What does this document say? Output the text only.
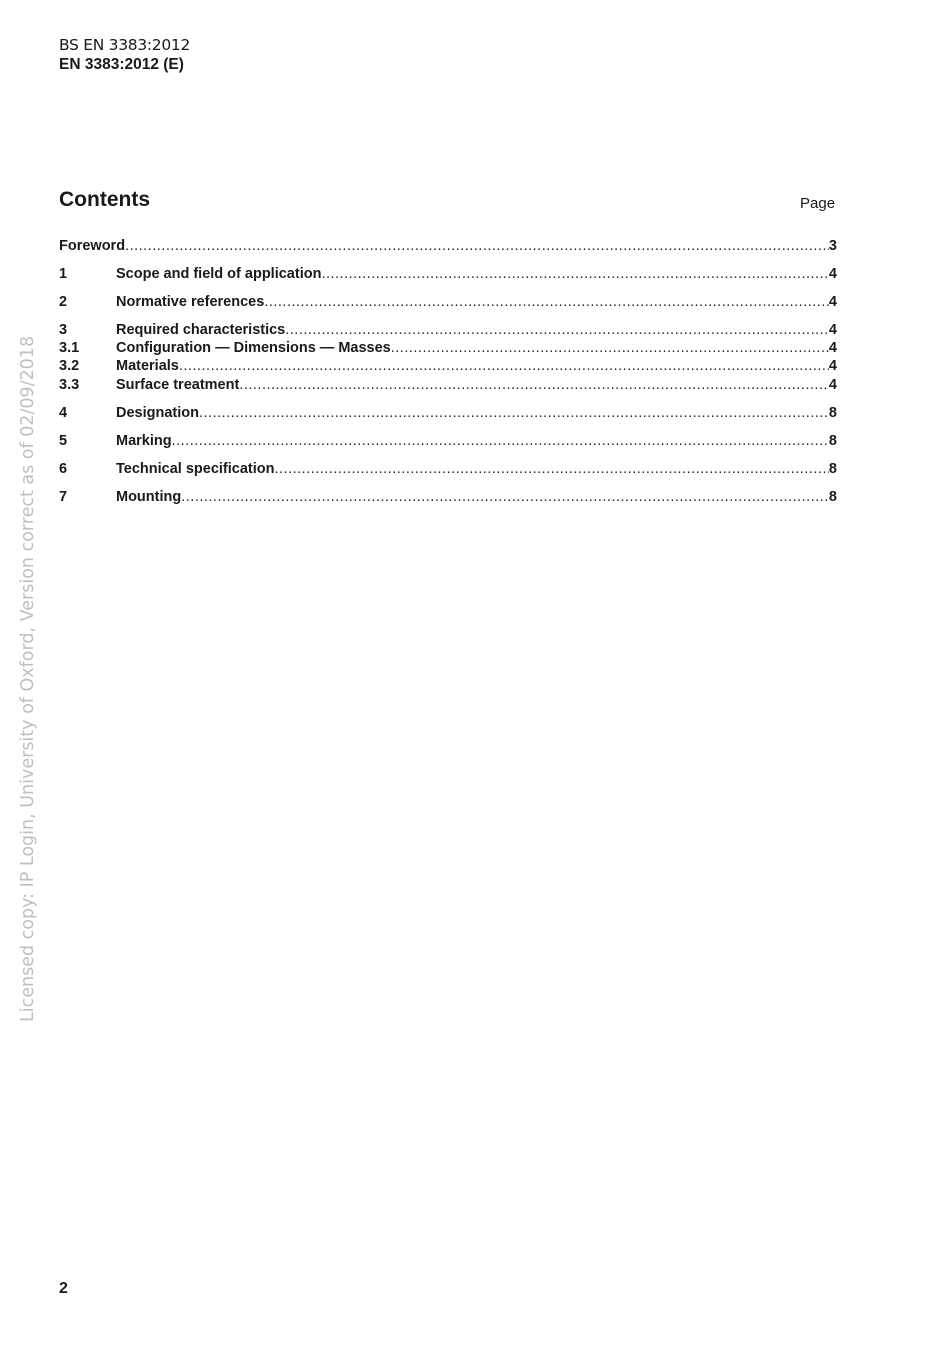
BS EN 3383:2012
EN 3383:2012 (E)
Contents	Page
Foreword .....	3
1	Scope and field of application .....	4
2	Normative references .....	4
3	Required characteristics .....	4
3.1	Configuration — Dimensions — Masses .....	4
3.2	Materials .....	4
3.3	Surface treatment .....	4
4	Designation .....	8
5	Marking .....	8
6	Technical specification .....	8
7	Mounting .....	8
Licensed copy: IP Login, University of Oxford, Version correct as of 02/09/2018
2
